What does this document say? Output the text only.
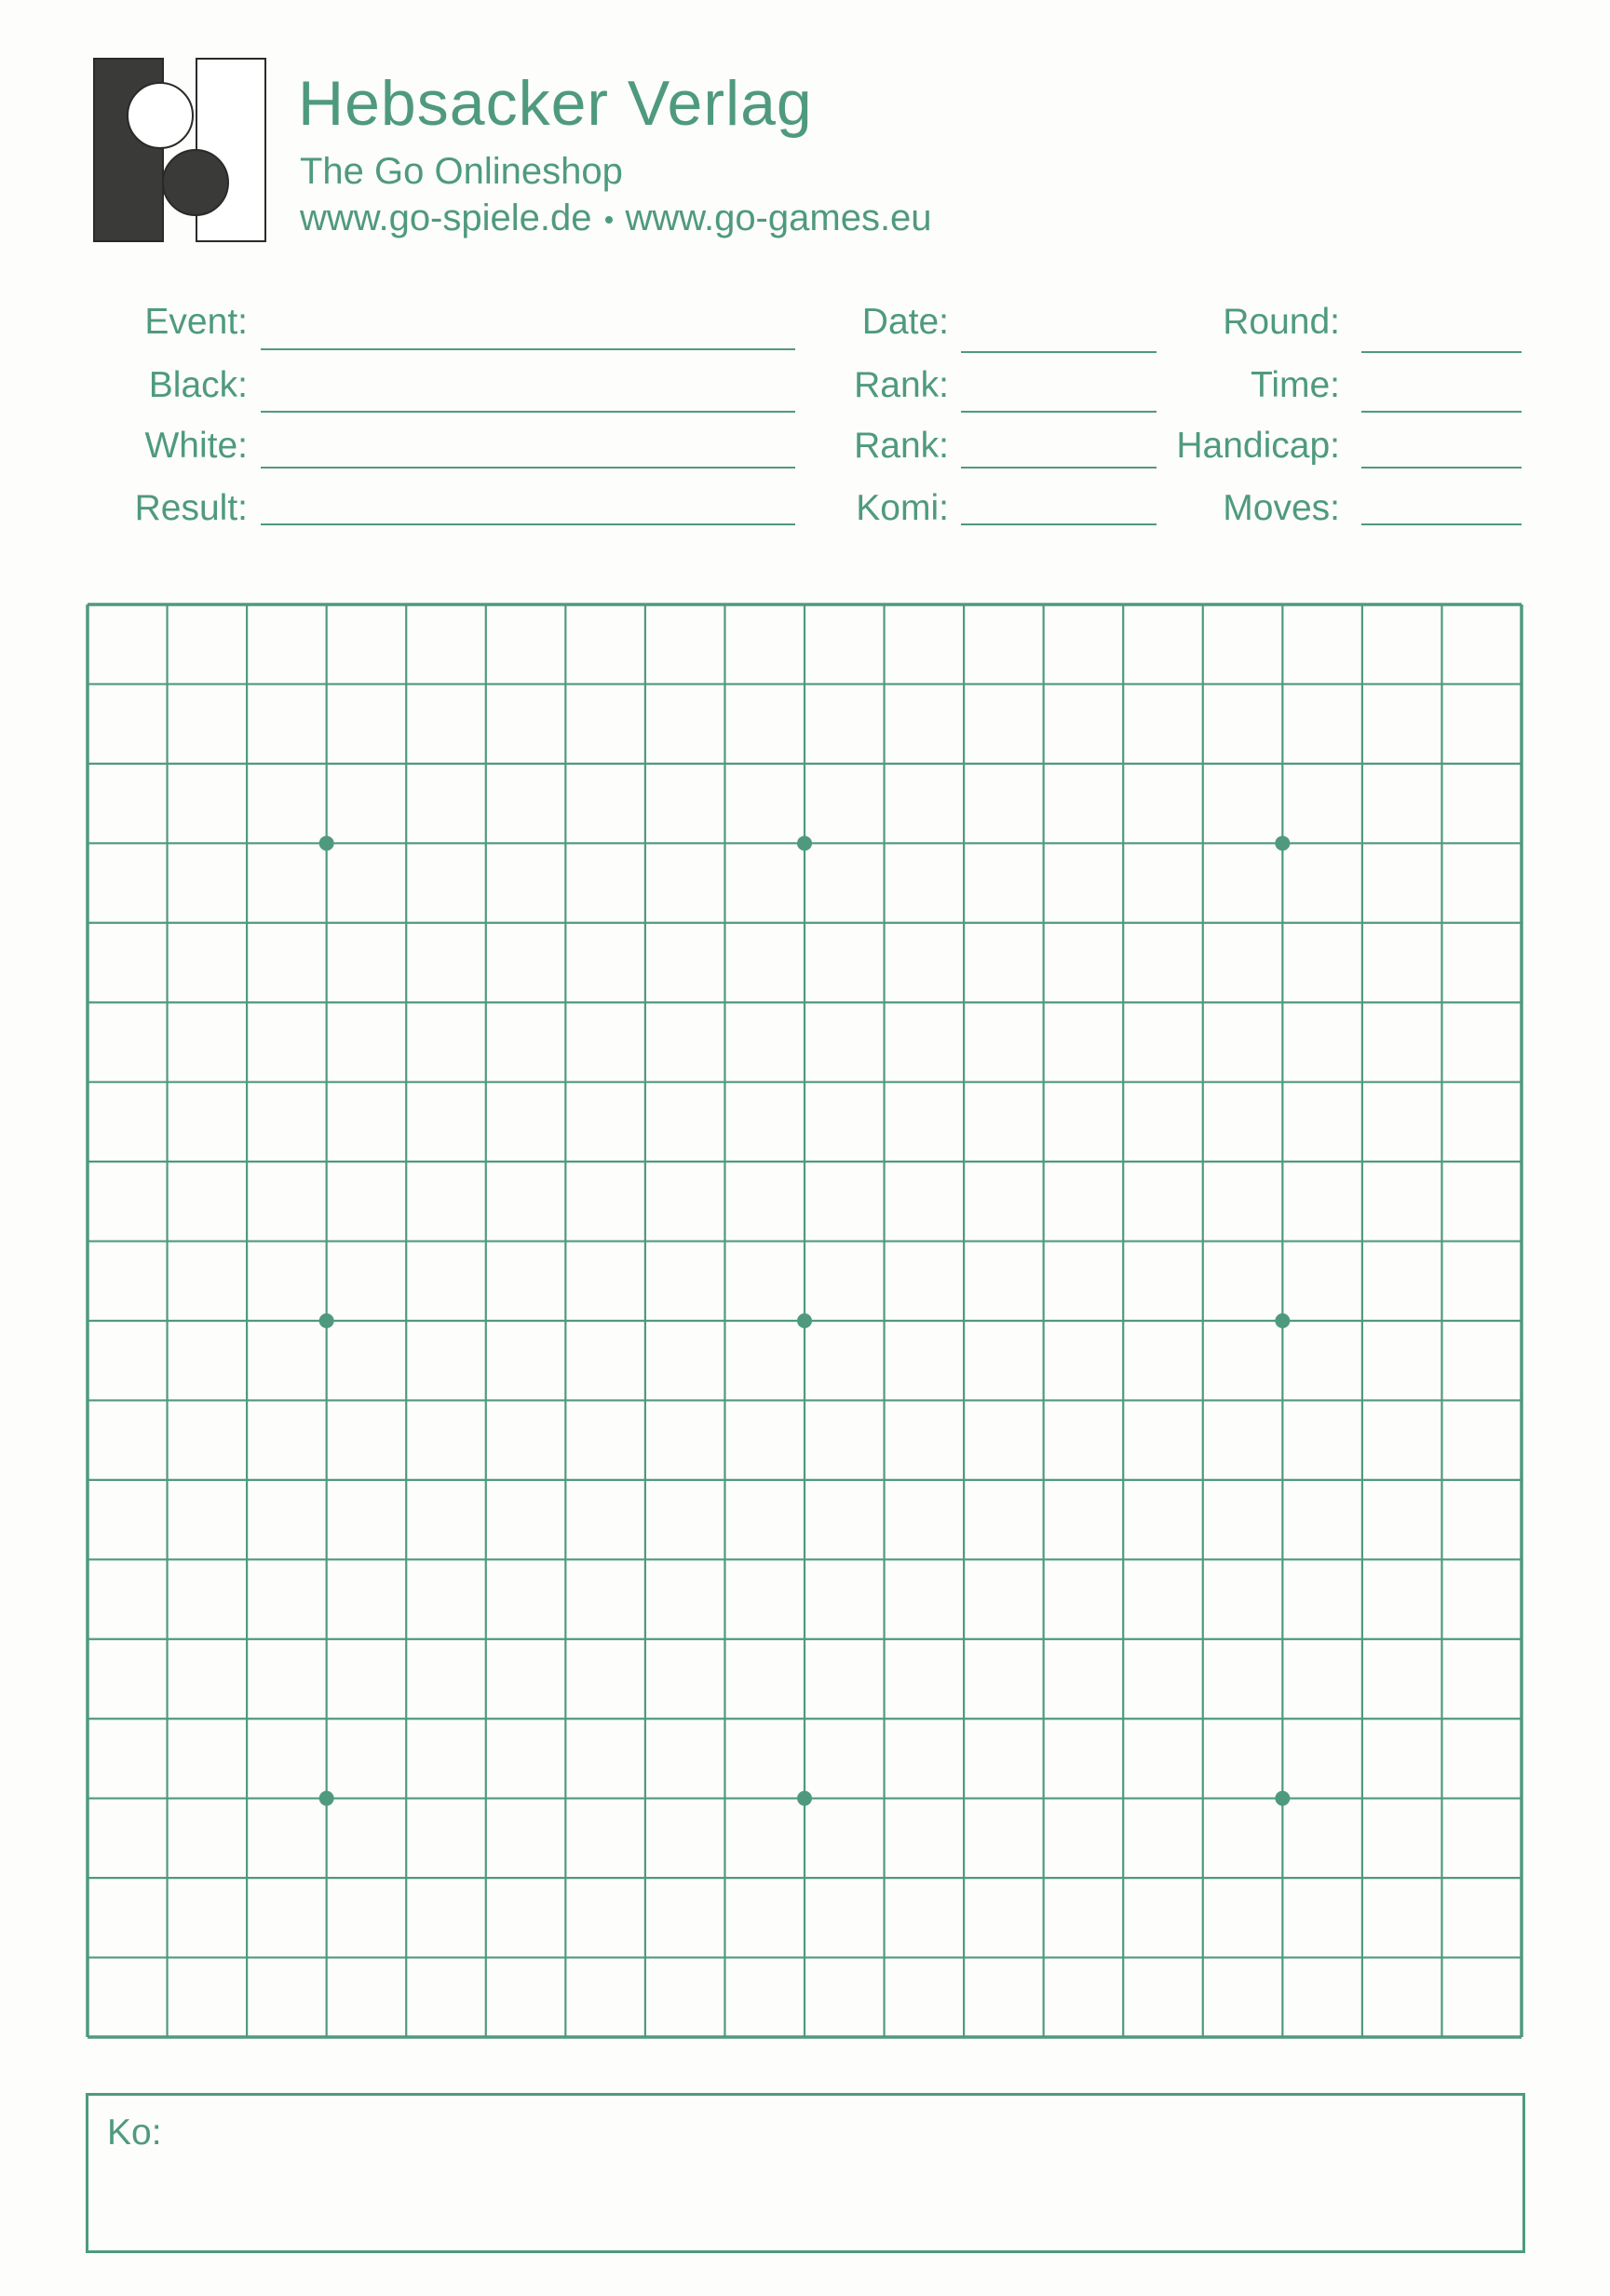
Hebsacker Verlag
The Go Onlineshop
www.go-spiele.de www.go-games.eu
Event:
Black:
White:
Result:
Date:
Rank:
Rank:
Komi:
Round:
Time:
Handicap:
Moves:
Ko:
